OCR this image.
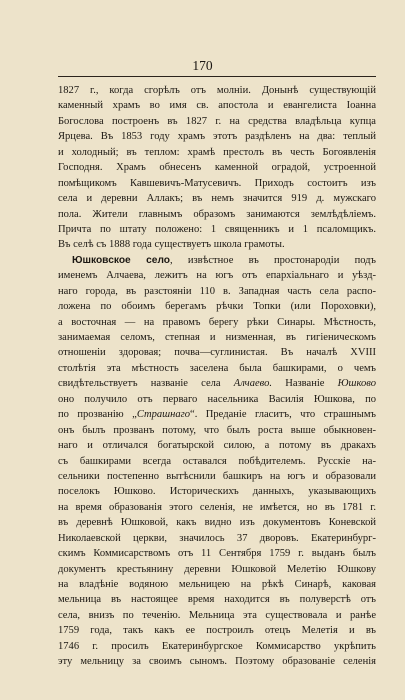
170
1827 г., когда сгорѣлъ отъ молніи. Донынѣ существующій
каменный храмъ во имя св. апостола и евангелиста Іоанна
Богослова построенъ въ 1827 г. на средства владѣльца купца
Ярцева. Въ 1853 году храмъ этотъ раздѣленъ на два: теплый
и холодный; въ теплом: храмѣ престолъ въ честь Богоявленія
Господня. Храмъ обнесенъ каменной оградой, устроенной
помѣщикомъ Кавшевичъ-Матусевичъ. Приходъ состоитъ изъ
села и деревни Аллакъ; въ немъ значится 919 д. мужскаго
пола. Жители главнымъ образомъ занимаются землѣдѣліемъ.
Причта по штату положено: 1 священникъ и 1 псаломщикъ.
Въ селѣ съ 1888 года существуетъ школа грамоты.
Юшковское село, извѣстное въ простонародіи подъ
именемъ Алчаева, лежитъ на югъ отъ епархіальнаго и уѣзд-
наго города, въ разстояніи 110 в. Западная часть села распо-
ложена по обоимъ берегамъ рѣчки Топки (или Пороховки),
а восточная — на правомъ берегу рѣки Синары. Мѣстность,
занимаемая селомъ, степная и низменная, въ гигіеническомъ
отношеніи здоровая; почва—суглинистая. Въ началѣ XVIII
столѣтія эта мѣстность заселена была башкирами, о чемъ
свидѣтельствуетъ названіе села Алчаево. Названіе Юшково
оно получило отъ перваго насельника Василія Юшкова, по
по прозванію „Страшнаго“. Преданіе гласитъ, что страшнымъ
онъ былъ прозванъ потому, что былъ роста выше обыкновен-
наго и отличался богатырской силою, а потому въ дракахъ
съ башкирами всегда оставался побѣдителемъ. Русскіе на-
сельники постепенно вытѣснили башкиръ на югъ и образовали
поселокъ Юшково. Историческихъ данныхъ, указывающихъ
на время образованія этого селенія, не имѣется, но въ 1781 г.
въ деревнѣ Юшковой, какъ видно изъ документовъ Коневской
Николаевской церкви, значилось 37 дворовъ. Екатеринбург-
скимъ Коммисарствомъ отъ 11 Сентября 1759 г. выданъ былъ
документъ крестьянину деревни Юшковой Мелетію Юшкову
на владѣніе водяною мельницею на рѣкѣ Синарѣ, каковая
мельница въ настоящее время находится въ полуверстѣ отъ
села, внизъ по теченію. Мельница эта существовала и ранѣе
1759 года, такъ какъ ее построилъ отецъ Мелетія и въ
1746 г. просилъ Екатеринбургское Коммисарство укрѣпить
эту мельницу за своимъ сыномъ. Поэтому образованіе селенія
